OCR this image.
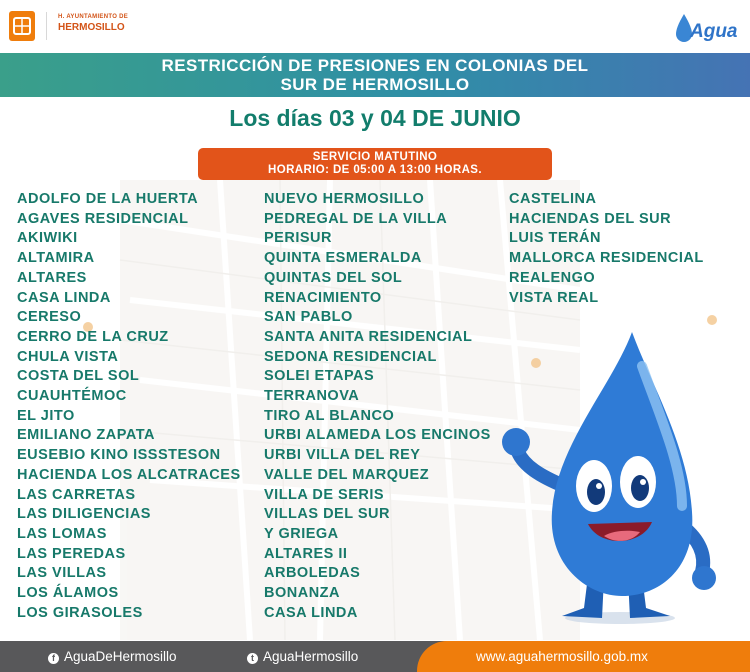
H. AYUNTAMIENTO DE
HERMOSILLO	Agua
RESTRICCIÓN DE PRESIONES EN COLONIAS DEL
SUR DE HERMOSILLO
Los días 03 y 04 DE JUNIO
SERVICIO MATUTINO
HORARIO: DE 05:00 A 13:00 HORAS.
ADOLFO DE LA HUERTA
AGAVES RESIDENCIAL
AKIWIKI
ALTAMIRA
ALTARES
CASA LINDA
CERESO
CERRO DE LA CRUZ
CHULA VISTA
COSTA DEL SOL
CUAUHTÉMOC
EL JITO
EMILIANO ZAPATA
EUSEBIO KINO ISSSTESON
HACIENDA LOS ALCATRACES
LAS CARRETAS
LAS DILIGENCIAS
LAS LOMAS
LAS PEREDAS
LAS VILLAS
LOS ÁLAMOS
LOS GIRASOLES
NUEVO HERMOSILLO
PEDREGAL DE LA VILLA
PERISUR
QUINTA ESMERALDA
QUINTAS DEL SOL
RENACIMIENTO
SAN PABLO
SANTA ANITA RESIDENCIAL
SEDONA RESIDENCIAL
SOLEI ETAPAS
TERRANOVA
TIRO AL BLANCO
URBI ALAMEDA LOS ENCINOS
URBI VILLA DEL REY
VALLE DEL MARQUEZ
VILLA DE SERIS
VILLAS DEL SUR
Y GRIEGA
ALTARES II
ARBOLEDAS
BONANZA
CASA LINDA
CASTELINA
HACIENDAS DEL SUR
LUIS TERÁN
MALLORCA RESIDENCIAL
REALENGO
VISTA REAL
f AguaDeHermosillo	t AguaHermosillo	www.aguahermosillo.gob.mx
